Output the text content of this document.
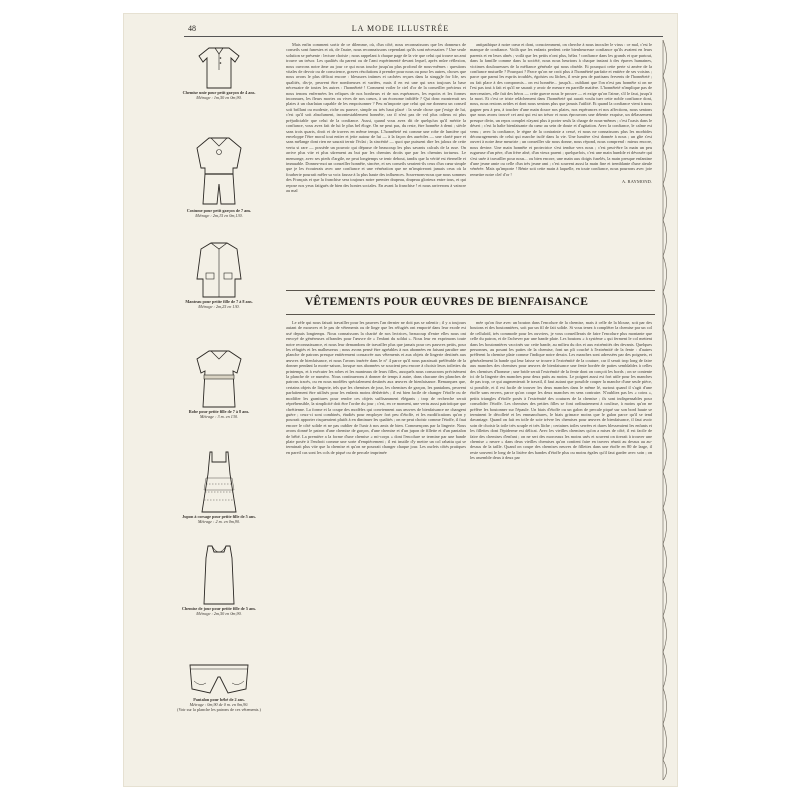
48	LA MODE ILLUSTRÉE
Chemise unie pour petit garçon de 4 ans.
Métrage : 1m,50 en 0m,90.
Costume pour petit garçon de 7 ans.
Métrage : 2m,15 en 0m,130.
Manteau pour petite fille de 7 à 8 ans.
Métrage : 2m,25 en 130.
Robe pour petite fille de 7 à 8 ans.
Métrage : 3 m. en 130.
Jupon à corsage pour petite fille de 5 ans.
Métrage : 2 m. en 0m,90.
Chemise de jour pour petite fille de 5 ans.
Métrage : 2m,50 en 0m,90.
Pantalon pour bébé de 2 ans.
Métrage : 0m,90 de 0 m. en 0m,90.
(Voir sur la planche les patrons de ces vêtements.)

Mais enfin comment sortir de ce dilemme, où, d'un côté, nous reconnaissons que les donneurs de conseils sont funestes et où, de l'autre, nous reconnaissons cependant qu'ils sont nécessaires ? Une seule solution se présente : lecture choisie ; nous rappelant à chaque page de la vie que celui qui trouve un ami trouve un trésor. Les qualités du parent ou de l'ami expérimenté devant lequel, après mûre réflexion, nous ouvrons notre âme au jour ce qui nous touche jusqu'au plus profond de nous-mêmes : questions vitales de devoir ou de conscience, graves résolutions à prendre pour nous ou pour les autres, choses que nous avons le plus délicat encore : blessures intimes et cachées reçues dans la struggle for life, ses qualités, dis-je, peuvent être nombreuses et variées, mais il en est une qui sera toujours la base nécessaire de toutes les autres : l'honnêteté ! Comment voiler le ciel d'or de la conseiller précieux et nous tenons enfermées les reliques de nos bonheurs et de nos espérances, les espoirs et les formes inconnues, les fleurs mortes ou vives de nos cœurs, à un économe infidèle ? Qui donc montrerait ses plaies à un charlatan capable de les empoisonner ? Peu m'importe que celui qui me donnera un conseil soit brillant ou modeste, riche ou pauvre, simple ou très haut placé : la seule chose que j'exige de lui, c'est qu'il soit absolument, incontestablement honnête, car il n'est pas de vol plus odieux ni plus préjudiciable que celui de la confiance. Aussi, quand vous avez dit de quelqu'un qu'il mérite la confiance, vous avez fait de lui le plus bel éloge. On ne peut pas, du reste, être honnête à demi ; siècle sans trois quarts, droit et de travers en même temps. L'honnêteté est comme une robe de lumière qui enveloppe l'être moral tout entier et jette autour de lui — à la façon des auréoles — une clarté pure et sans mélange dont rien ne saurait ternir l'éclat ; la sincérité — quoi que puissent dire les jaloux de cette vertu si rare — possède un pouvoir qui dépasse de beaucoup les plus savants calculs de la ruse. On arrive plus vite et plus sûrement au but par les chemins droits que par les chemins tortueux. Le mensonge, avec ses pieds d'argile, ne peut longtemps se tenir debout, tandis que la vérité est éternelle et immuable. Donnez-moi un conseiller honnête, sincère, et ses conseils seraient-ils ceux d'un cœur simple que je les écouterais avec une confiance et une vénération que ne m'inspireront jamais ceux où la fourberie pourrait mêler sa voix fausse à la plus haute des influences. Souvenons-nous que nous sommes des Français et que la franchise sera toujours notre premier drapeau, drapeau glorieux entre tous, et qui repose nos yeux fatigués de bien des hontes sociales. En avant la franchise ! et nous arriverons à vaincre au mal

antipathique à notre cœur et dont, consciemment, on cherche à nous inoculer le virus : ce mal, c'est le manque de confiance. Voilà que les enfants perdent cette bienheureuse confiance qu'ils avaient en leurs parents et en leurs aînés ; voilà que les petits n'ont plus, hélas ! confiance dans les grands et que partout, dans la famille comme dans la société, nous nous heurtons à chaque instant à des épaves humaines, victimes douloureuses de la méfiance générale qui nous obsède. Et pourquoi cette perte si amère de la confiance mutuelle ? Pourquoi ? Parce qu'on ne croit plus à l'honnêteté parfaite et entière de ses voisins ; parce que parmi les esprits troublés, égoïstes ou lâches, il reste peu de partisans fervents de l'honnêteté ; ou fait place à des compromis... on est honnête... jusqu'à... oubliant que l'on n'est pas honnête si on ne l'est pas tout à fait et qu'il ne saurait y avoir de mesure en pareille matière. L'honnêteté n'implique pas de mercenaires, elle fait des héros — cette guerre nous le prouve — et exige qu'on l'aime, s'il le faut, jusqu'à la mort. Et c'est ce triste relâchement dans l'honnêteté qui aurait voulu tuer cette noble confiance dont, nous, nous restons avides et dont nous sentons plus que jamais l'utilité. Et quand la confiance vient à nous gagner peu à peu, à toucher d'une main douce nos plaies, nos espérances et nos affections, nous sentons que nous avons trouvé cet ami qui est un trésor et nous éprouvons une détente exquise, un délassement presque divin, un repos complet n'ayant plus à porter seuls la charge de nous-mêmes ; c'est l'oasis dans le désert ; c'est la halte bienfaisante du cœur au sein de doute et d'agitation. Avec la confiance, le calme est venu ; avec la confiance, le règne de la contrainte a cessé, et nous ne connaissons plus les morbides découragements de celui qui marche isolé dans la vie. Une lumière s'est donnée à nous ; un gîte s'est ouvert à notre âme meurtrie ; un conseiller sûr nous donne, nous répond, nous comprend : mieux encore, nous devine. Une main honnête et protectrice s'est tendue vers nous ; c'est peut-être la main un peu rugueuse d'un père, d'un frère aîné, d'un vieux parent ; quelquefois, c'est une main humble et dévouée qui s'est usée à travailler pour nous... ou bien encore, une main aux doigts fuselés, la main presque enfantine d'une jeune amie ou celle d'un très jeune ami ; c'est souvent aussi la main fine et tremblante d'une aïeule vénérée. Mais qu'importe ! Bénie soit cette main à laquelle, en toute confiance, nous pourrons avec joie remettre notre clef d'or !

A. RAYMOND.
VÊTEMENTS POUR ŒUVRES DE BIENFAISANCE

Le zèle qui nous faisait travailler pour les pauvres l'an dernier ne doit pas se ralentir ; il y a toujours autant de mouvres et le pas de vêtements ou de linge que les réfugiés ont emporté dans leur exode est usé depuis longtemps. Nous connaissons la charité de nos lectrices, beaucoup d'entre elles nous ont envoyé de généreuses offrandes pour l'œuvre de « l'enfant du soldat ». Nous leur en exprimons toute notre reconnaissance, et nous leur demandons de travailler plus que jamais pour ces pauvres petits, pour les réfugiés et les malheureux ; nous avons pensé être agréables à nos abonnées en faisant paraître une planche de patrons presque entièrement consacrée aux vêtements et aux objets de lingerie destinés aux œuvres de bienfaisance, et nous l'avons insérée dans le n° 4 parce qu'il nous paraissait préférable de la donner pendant la morte-saison, lorsque nos abonnées se soucient peu encore à choisir leurs toilettes du printemps, et à exécuter les robes et les manteaux de leurs filles, auxquels nous consacrons précisément la planche de ce numéro. Nous continuerons à donner de temps à autre, dans chacune des planches de patrons tracés, ou en nous modèles spécialement destinés aux œuvres de bienfaisance. Remarquez que, certains objets de lingerie, tels que les chemises de jour, les chemises de garçon, les pantalons, peuvent parfaitement être utilisés pour les enfants moins déshérités ; il est bien facile de changer l'étoffe ou de modifier les garnitures pour rendre ces objets suffisamment élégants ; trop de recherche serait répréhensible, la simplicité doit être l'ordre du jour ; c'est, en ce moment, une vertu aussi patriotique que chrétienne. La forme et la coupe des modèles qui conviennent aux œuvres de bienfaisance ne changent guère ; ceux-ci sont combinés, étudiés pour employer fort peu d'étoffe, et les modifications qu'on y pourrait apporter risqueraient plutôt à en diminuer les qualités ; on ne peut choisir comme l'étoffe, il faut encore le côté solide et ne pas oublier de l'unir à nos amis de bien. Commençons par la lingerie. Nous avons donné le patron d'une chemise de garçon, d'une chemise et d'un jupon de fillette et d'un pantalon de bébé. La première a la forme d'une chemise « mi-corps » dont l'encolure se termine par une bande plate posée à l'endroit comme une sorte d'empiècement ; il est inutile d'y mettre un col rabattu qui se terminait plus vite que la chemise et qu'on ne pourrait changer chaque jour. Les ourlets côtés pratiques en pareil cas sont les cols de piqué ou de percale imprimée

mée qu'on fixe avec un bouton dans l'encolure de la chemise, mais à celle de la blouse, soit par des boutons et des boutonnières, soit par un fil de fait solide. Si vous tenez à compléter la chemise par un col de celluloïd, très commode pour les ouvriers, je vous conseillerais de faire l'encolure plus montante que celle du patron, et de l'achever par une bande plate. Les boutons « à système » qui ferment le col mettent dans les boutonnières vaccinés sur cette bande, au milieu du dos et aux extrémités des devants. Quelques personnes, au posant les pattes de la chemise, font un pli couché à l'extrémité de la fente : d'autres préfèrent la chemise plate comme l'indique notre dessin. Les manches sont adressées par des poignets, et généralement la bande qui leur laisse se trouve à l'extrémité de la couture, car il serait trop long de faire aux manches des chemises pour œuvres de bienfaisance une fente bordée de pattes semblables à celles des chemises d'homme ; une bride serait l'extrémité de la fente dont on conçoit les bords ; on se contente ici de la lingerie des manches pour deux puits au moins. Le poignet aussi est fort utile pour les manches de pas trop, ce qui augmenterait le travail, il faut autant que possible couper la manche d'une seule pièce, si possible, et il est facile de trouver les deux manches dans le même lé, surtout quand il s'agit d'une étoffe sans envers, parce qu'on coupe les deux manches en sens contraire. N'oubliez pas les « coins », petits triangles d'étoffe posés à l'extrémité des coutures de la chemise ; ils sont indispensables pour consolider l'étoffe. Les chemises des petites filles se font ordinairement à coulisse, à moins qu'on ne préfère les boutonner sur l'épaule. Un biais d'étoffe ou un galon de percale piqué sur son bord haute se terminent le décolleté et les emmanchures, le biais grimace moins que le galon parce qu'il se tend davantage. Quand on fait en toile de soie trèvre les chemises pour œuvres de bienfaisance, il faut avoir soin de choisir la toile très souple et très lâche ; certaines toiles serrées et dures blesseraient les enfants et les fillettes dont l'épiderme est délicat. Avec les vieilles chemises qu'on a mises de côté, il est facile de faire des chemises d'enfant ; on ne sert des morceaux les moins usés et souvent on tirerait à trouver une chemise « neuve » dans deux vieilles chemises qu'on contient faire en travers réunit au dessus au au-dessus de la taille. Quand on coupe des chemises neuves de fillettes dans une étoffe en 80 de large, il reste souvent le long de la lisière des bandes d'étoffe plus ou moins égales qu'il faut garder avec soin ; on les assemble deux à deux par
